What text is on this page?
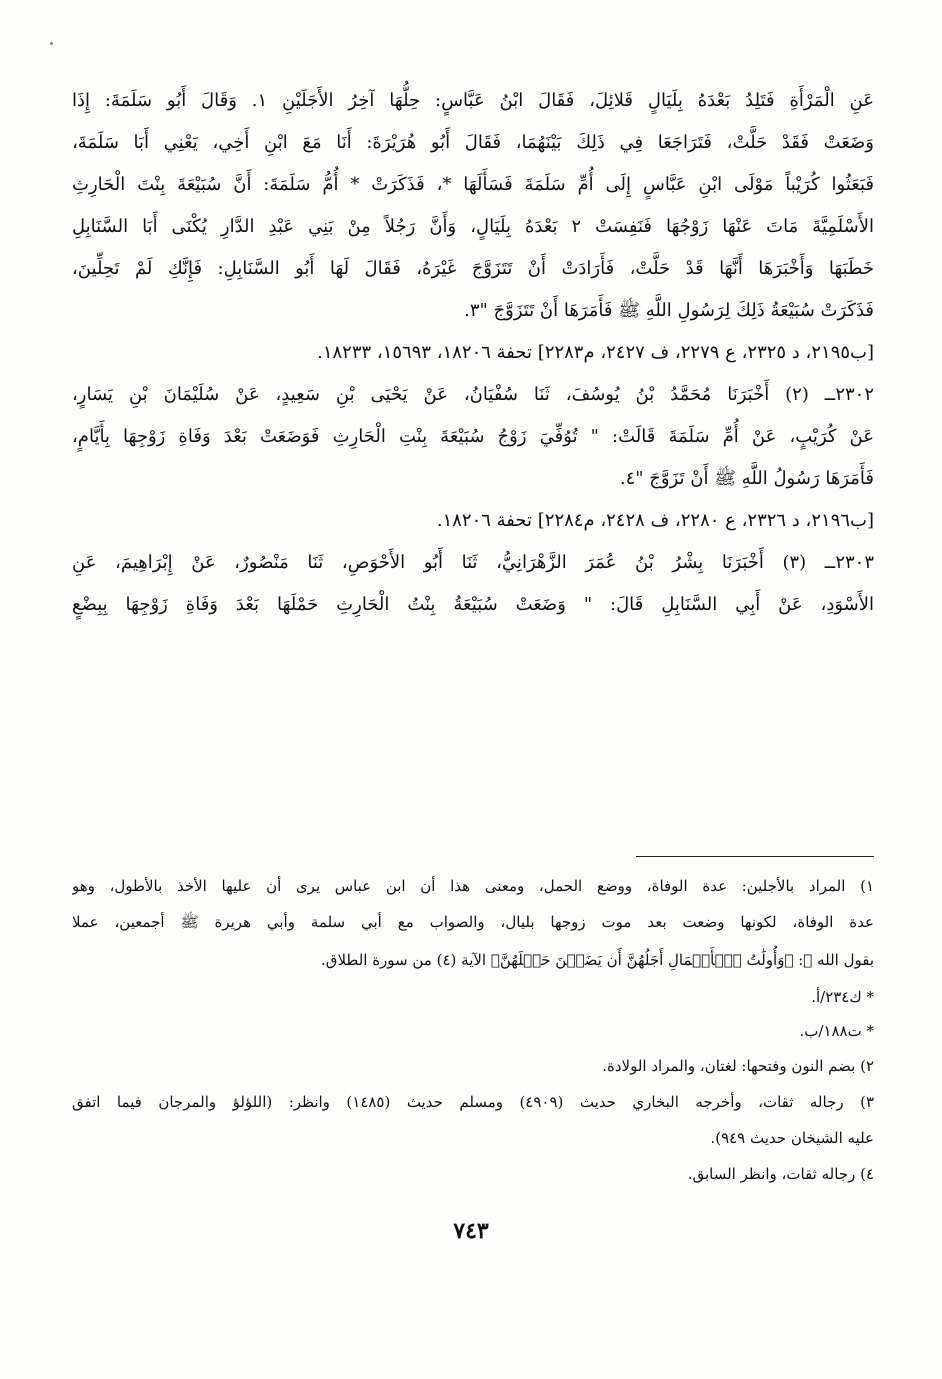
عَنِ الْمَرْأَةِ فَتَلِدُ بَعْدَهُ بِلَيَالٍ قَلائِلَ، فَقَالَ ابْنُ عَبَّاسٍ: حِلُّهَا آخِرُ الأَجَلَيْنِ ١. وَقَالَ أَبُو سَلَمَةَ: إِذَا
وَضَعَتْ فَقَدْ حَلَّتْ، فَتَرَاجَعَا فِي ذَلِكَ بَيْنَهُمَا، فَقَالَ أَبُو هُرَيْرَةَ: أَنَا مَعَ ابْنِ أَخِي، يَعْنِي أَبَا سَلَمَةَ،
فَبَعَثُوا كُرَيْباً مَوْلَى ابْنِ عَبَّاسٍ إِلَى أُمِّ سَلَمَةَ فَسَأَلَهَا *، فَذَكَرَتْ * أُمُّ سَلَمَةَ: أَنَّ سُبَيْعَةَ بِنْتَ الْحَارِثِ
الأَسْلَمِيَّةَ مَاتَ عَنْهَا زَوْجُهَا فَنَفِسَتْ ٢ بَعْدَهُ بِلَيَالٍ، وَأَنَّ رَجُلاً مِنْ بَنِي عَبْدِ الدَّارِ يُكْنَى أَبَا السَّنَابِلِ
خَطَبَهَا وَأَخْبَرَهَا أَنَّهَا قَدْ حَلَّتْ، فَأَرَادَتْ أَنْ تَتَزَوَّجَ غَيْرَهُ، فَقَالَ لَهَا أَبُو السَّنَابِلِ: فَإِنَّكِ لَمْ تَحِلِّينَ،
فَذَكَرَتْ سُبَيْعَةُ ذَلِكَ لِرَسُولِ اللَّهِ ﷺ فَأَمَرَهَا أَنْ تَتَزَوَّجَ "٣.
[ب٢١٩٥، د ٢٣٢٥، ع ٢٢٧٩، ف ٢٤٢٧، م٢٢٨٣] تحفة ١٨٢٠٦، ١٥٦٩٣، ١٨٢٣٣.
٢٣٠٢ــ (٢) أَخْبَرَنَا مُحَمَّدُ بْنُ يُوسُفَ، ثَنَا سُفْيَانُ، عَنْ يَحْيَى بْنِ سَعِيدٍ، عَنْ سُلَيْمَانَ بْنِ يَسَارٍ،
عَنْ كُرَيْبٍ، عَنْ أُمِّ سَلَمَةَ قَالَتْ: " تُوُفِّيَ زَوْجُ سُبَيْعَةَ بِنْتِ الْحَارِثِ فَوَضَعَتْ بَعْدَ وَفَاةِ زَوْجِهَا بِأَيَّامٍ،
فَأَمَرَهَا رَسُولُ اللَّهِ ﷺ أَنْ تَزَوَّجَ "٤.
[ب٢١٩٦، د ٢٣٢٦، ع ٢٢٨٠، ف ٢٤٢٨، م٢٢٨٤] تحفة ١٨٢٠٦.
٢٣٠٣ــ (٣) أَخْبَرَنَا بِشْرُ بْنُ عُمَرَ الزَّهْرَانِيُّ، ثَنَا أَبُو الأَحْوَصِ، ثَنَا مَنْصُورٌ، عَنْ إِبْرَاهِيمَ، عَنِ
الأَسْوَدِ، عَنْ أَبِي السَّنَابِلِ قَالَ: " وَضَعَتْ سُبَيْعَةُ بِنْتُ الْحَارِثِ حَمْلَهَا بَعْدَ وَفَاةِ زَوْجِهَا بِبِضْعٍ
١) المراد بالأجلين: عدة الوفاة، ووضع الحمل، ومعنى هذا أن ابن عباس يرى أن عليها الأخذ بالأطول، وهو
عدة الوفاة، لكونها وضعت بعد موت زوجها بليال، والصواب مع أبي سلمة وأبي هريرة ﷺ أجمعين، عملا
بقول الله ﷻ: ﴿وَأُولَٰتُ ٱلۡأَحۡمَالِ أَجَلُهُنَّ أَن يَضَعۡنَ حَمۡلَهُنَّ﴾ الآية (٤) من سورة الطلاق.
* ك٢٣٤/أ.
* ت١٨٨/ب.
٢) بضم النون وفتحها: لغتان، والمراد الولادة.
٣) رجاله ثقات، وأخرجه البخاري حديث (٤٩٠٩) ومسلم حديث (١٤٨٥) وانظر: (اللؤلؤ والمرجان فيما اتفق
عليه الشيخان حديث ٩٤٩).
٤) رجاله ثقات، وانظر السابق.
٧٤٣
